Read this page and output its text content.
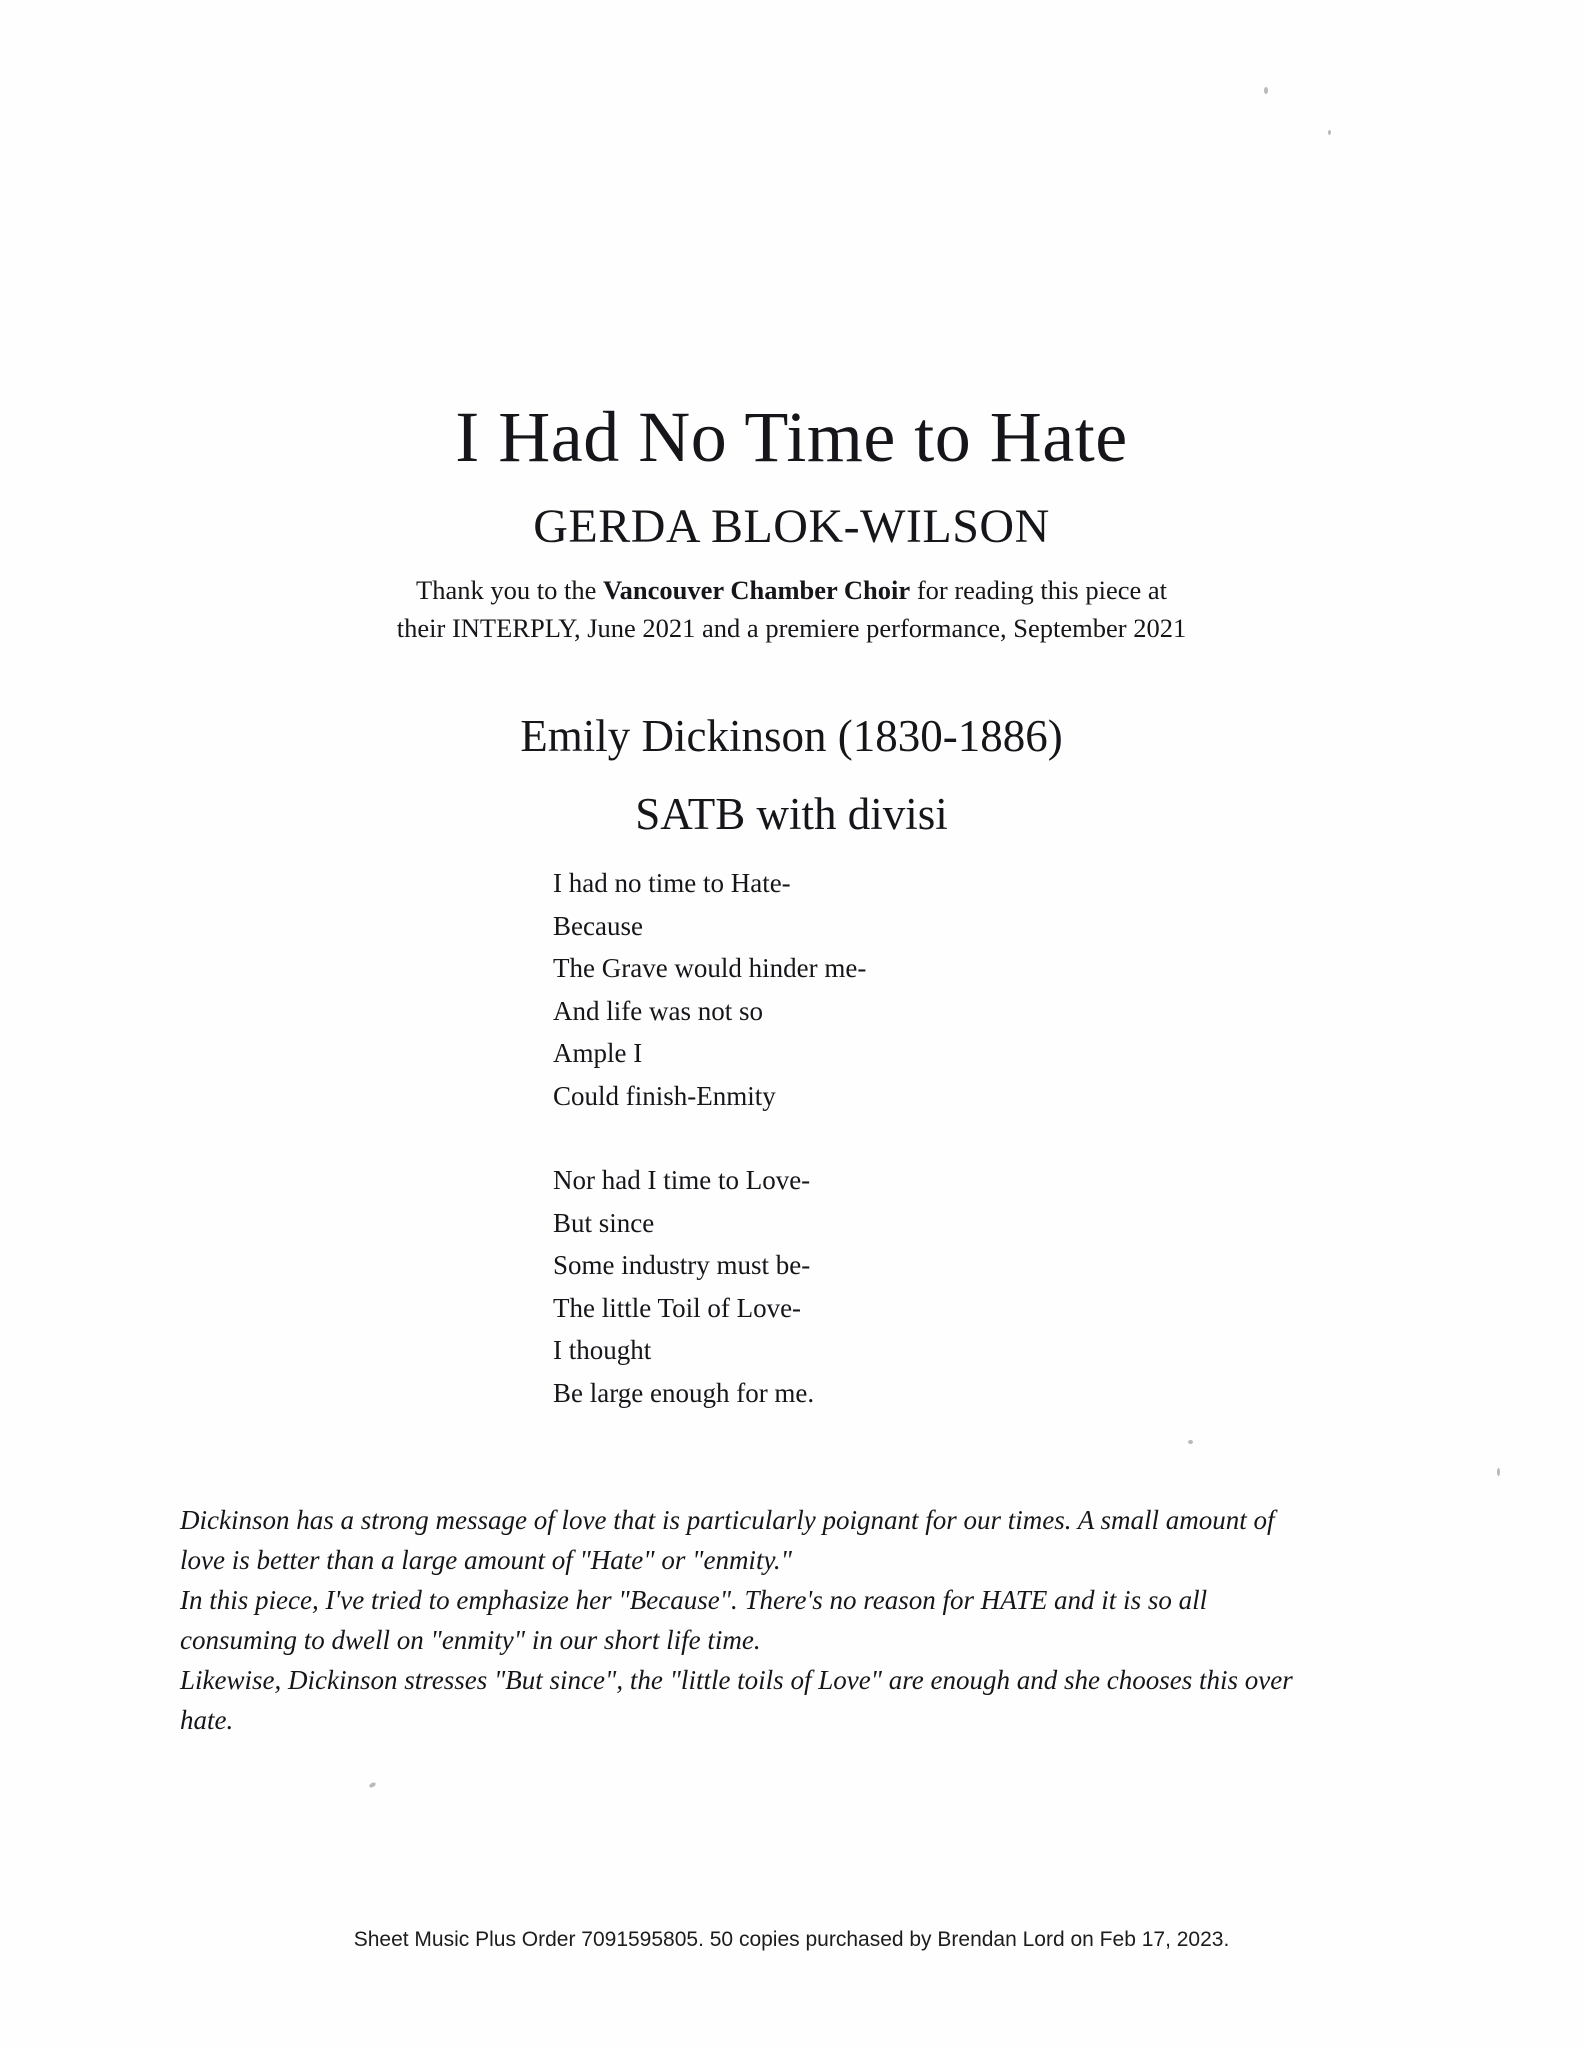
I Had No Time to Hate
GERDA BLOK-WILSON
Thank you to the Vancouver Chamber Choir for reading this piece at
their INTERPLY, June 2021 and a premiere performance, September 2021
Emily Dickinson (1830-1886)
SATB with divisi
I had no time to Hate-
Because
The Grave would hinder me-
And life was not so
Ample I
Could finish-Enmity
Nor had I time to Love-
But since
Some industry must be-
The little Toil of Love-
I thought
Be large enough for me.

Dickinson has a strong message of love that is particularly poignant for our times. A small amount of love is better than a large amount of "Hate" or "enmity."

In this piece, I've tried to emphasize her "Because". There's no reason for HATE and it is so all consuming to dwell on "enmity" in our short life time.

Likewise, Dickinson stresses "But since", the "little toils of Love" are enough and she chooses this over hate.

Sheet Music Plus Order 7091595805. 50 copies purchased by Brendan Lord on Feb 17, 2023.
